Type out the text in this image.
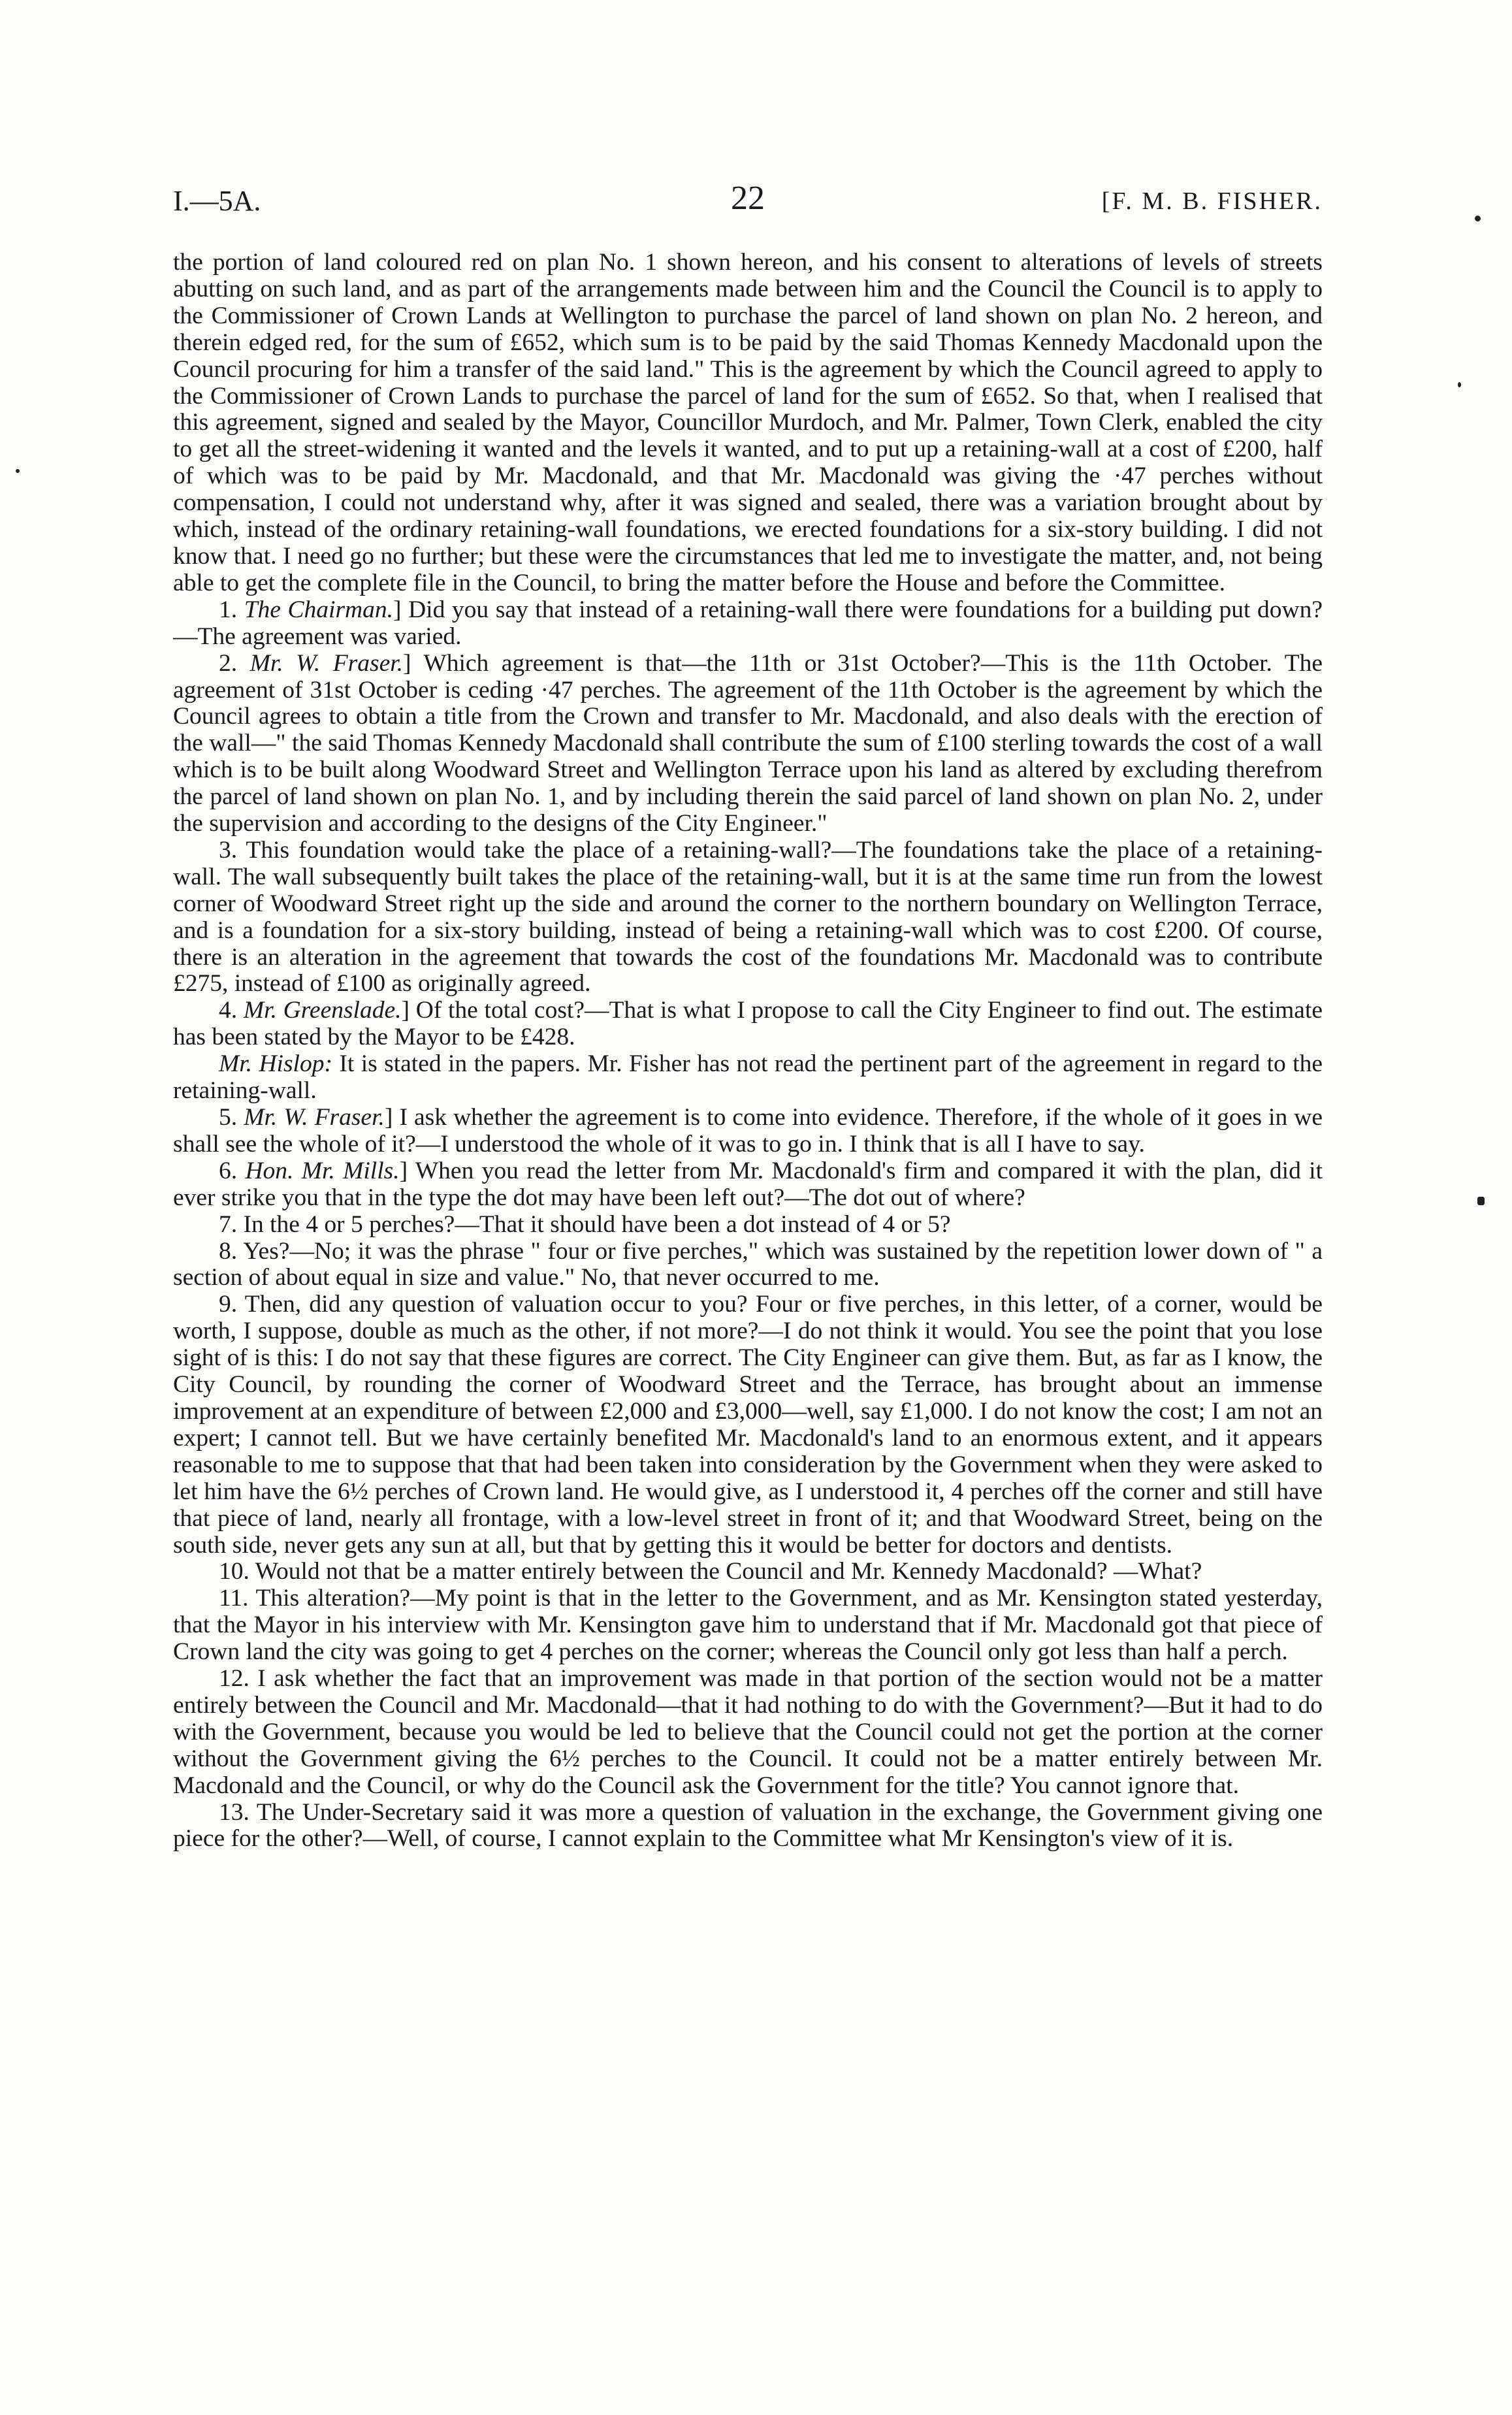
I.—5A.	22	[F. M. B. FISHER.

the portion of land coloured red on plan No. 1 shown hereon, and his consent to alterations of levels of streets abutting on such land, and as part of the arrangements made between him and the Council the Council is to apply to the Commissioner of Crown Lands at Wellington to purchase the parcel of land shown on plan No. 2 hereon, and therein edged red, for the sum of £652, which sum is to be paid by the said Thomas Kennedy Macdonald upon the Council procuring for him a transfer of the said land." This is the agreement by which the Council agreed to apply to the Commissioner of Crown Lands to purchase the parcel of land for the sum of £652. So that, when I realised that this agreement, signed and sealed by the Mayor, Councillor Murdoch, and Mr. Palmer, Town Clerk, enabled the city to get all the street-widening it wanted and the levels it wanted, and to put up a retaining-wall at a cost of £200, half of which was to be paid by Mr. Macdonald, and that Mr. Macdonald was giving the ·47 perches without compensation, I could not understand why, after it was signed and sealed, there was a variation brought about by which, instead of the ordinary retaining-wall foundations, we erected foundations for a six-story building. I did not know that. I need go no further; but these were the circumstances that led me to investigate the matter, and, not being able to get the complete file in the Council, to bring the matter before the House and before the Committee.

1. The Chairman.] Did you say that instead of a retaining-wall there were foundations for a building put down?—The agreement was varied.

2. Mr. W. Fraser.] Which agreement is that—the 11th or 31st October?—This is the 11th October. The agreement of 31st October is ceding ·47 perches. The agreement of the 11th October is the agreement by which the Council agrees to obtain a title from the Crown and transfer to Mr. Macdonald, and also deals with the erection of the wall—" the said Thomas Kennedy Macdonald shall contribute the sum of £100 sterling towards the cost of a wall which is to be built along Woodward Street and Wellington Terrace upon his land as altered by excluding therefrom the parcel of land shown on plan No. 1, and by including therein the said parcel of land shown on plan No. 2, under the supervision and according to the designs of the City Engineer."

3. This foundation would take the place of a retaining-wall?—The foundations take the place of a retaining-wall. The wall subsequently built takes the place of the retaining-wall, but it is at the same time run from the lowest corner of Woodward Street right up the side and around the corner to the northern boundary on Wellington Terrace, and is a foundation for a six-story building, instead of being a retaining-wall which was to cost £200. Of course, there is an alteration in the agreement that towards the cost of the foundations Mr. Macdonald was to contribute £275, instead of £100 as originally agreed.

4. Mr. Greenslade.] Of the total cost?—That is what I propose to call the City Engineer to find out. The estimate has been stated by the Mayor to be £428.

Mr. Hislop: It is stated in the papers. Mr. Fisher has not read the pertinent part of the agreement in regard to the retaining-wall.

5. Mr. W. Fraser.] I ask whether the agreement is to come into evidence. Therefore, if the whole of it goes in we shall see the whole of it?—I understood the whole of it was to go in. I think that is all I have to say.

6. Hon. Mr. Mills.] When you read the letter from Mr. Macdonald's firm and compared it with the plan, did it ever strike you that in the type the dot may have been left out?—The dot out of where?

7. In the 4 or 5 perches?—That it should have been a dot instead of 4 or 5?

8. Yes?—No; it was the phrase " four or five perches," which was sustained by the repetition lower down of " a section of about equal in size and value." No, that never occurred to me.

9. Then, did any question of valuation occur to you? Four or five perches, in this letter, of a corner, would be worth, I suppose, double as much as the other, if not more?—I do not think it would. You see the point that you lose sight of is this: I do not say that these figures are correct. The City Engineer can give them. But, as far as I know, the City Council, by rounding the corner of Woodward Street and the Terrace, has brought about an immense improvement at an expenditure of between £2,000 and £3,000—well, say £1,000. I do not know the cost; I am not an expert; I cannot tell. But we have certainly benefited Mr. Macdonald's land to an enormous extent, and it appears reasonable to me to suppose that that had been taken into consideration by the Government when they were asked to let him have the 6½ perches of Crown land. He would give, as I understood it, 4 perches off the corner and still have that piece of land, nearly all frontage, with a low-level street in front of it; and that Woodward Street, being on the south side, never gets any sun at all, but that by getting this it would be better for doctors and dentists.

10. Would not that be a matter entirely between the Council and Mr. Kennedy Macdonald? —What?

11. This alteration?—My point is that in the letter to the Government, and as Mr. Kensington stated yesterday, that the Mayor in his interview with Mr. Kensington gave him to understand that if Mr. Macdonald got that piece of Crown land the city was going to get 4 perches on the corner; whereas the Council only got less than half a perch.

12. I ask whether the fact that an improvement was made in that portion of the section would not be a matter entirely between the Council and Mr. Macdonald—that it had nothing to do with the Government?—But it had to do with the Government, because you would be led to believe that the Council could not get the portion at the corner without the Government giving the 6½ perches to the Council. It could not be a matter entirely between Mr. Macdonald and the Council, or why do the Council ask the Government for the title? You cannot ignore that.

13. The Under-Secretary said it was more a question of valuation in the exchange, the Government giving one piece for the other?—Well, of course, I cannot explain to the Committee what Mr Kensington's view of it is.
